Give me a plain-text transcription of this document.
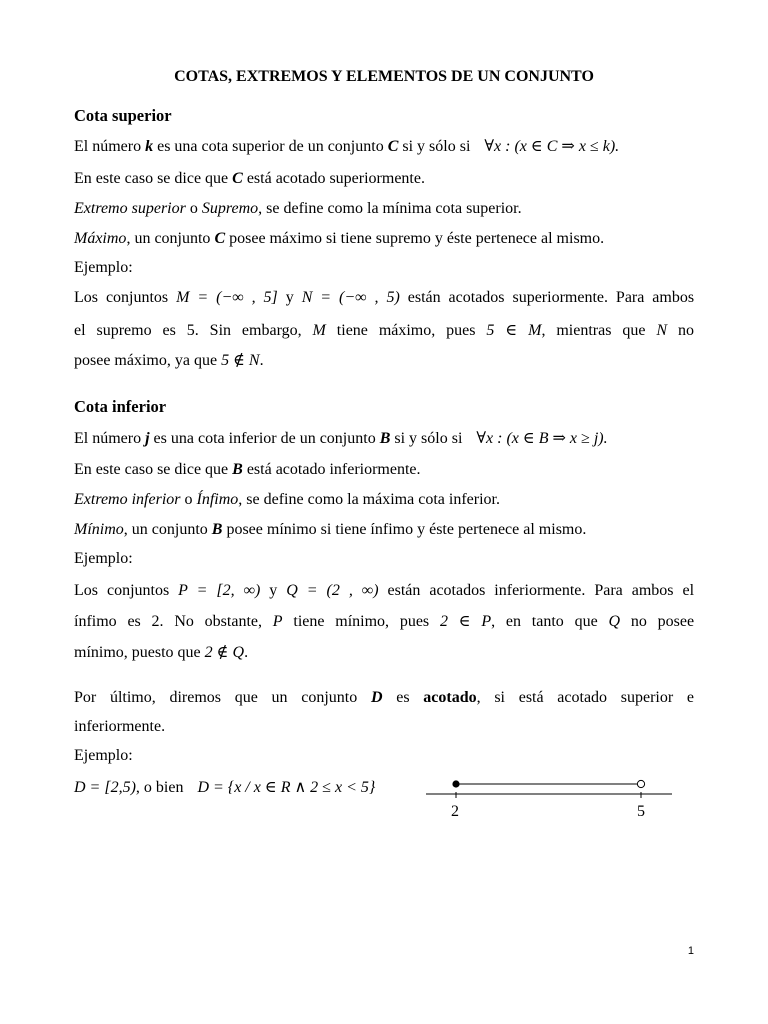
COTAS, EXTREMOS Y ELEMENTOS DE UN CONJUNTO
Cota superior
El número k es una cota superior de un conjunto C si y sólo si ∀x : (x ∈ C ⇒ x ≤ k).
En este caso se dice que C está acotado superiormente.
Extremo superior o Supremo, se define como la mínima cota superior.
Máximo, un conjunto C posee máximo si tiene supremo y éste pertenece al mismo.
Ejemplo:
Los conjuntos M = (−∞ , 5] y N = (−∞ , 5) están acotados superiormente. Para ambos
el supremo es 5. Sin embargo, M tiene máximo, pues 5 ∈ M, mientras que N no
posee máximo, ya que 5 ∉ N.
Cota inferior
El número j es una cota inferior de un conjunto B si y sólo si ∀x : (x ∈ B ⇒ x ≥ j).
En este caso se dice que B está acotado inferiormente.
Extremo inferior o Ínfimo, se define como la máxima cota inferior.
Mínimo, un conjunto B posee mínimo si tiene ínfimo y éste pertenece al mismo.
Ejemplo:
Los conjuntos P = [2, ∞) y Q = (2 , ∞) están acotados inferiormente. Para ambos el
ínfimo es 2. No obstante, P tiene mínimo, pues 2 ∈ P, en tanto que Q no posee
mínimo, puesto que 2 ∉ Q.
Por último, diremos que un conjunto D es acotado, si está acotado superior e
inferiormente.
Ejemplo:
D = [2,5), o bien D = {x / x ∈ R ∧ 2 ≤ x < 5}
2	5
1
